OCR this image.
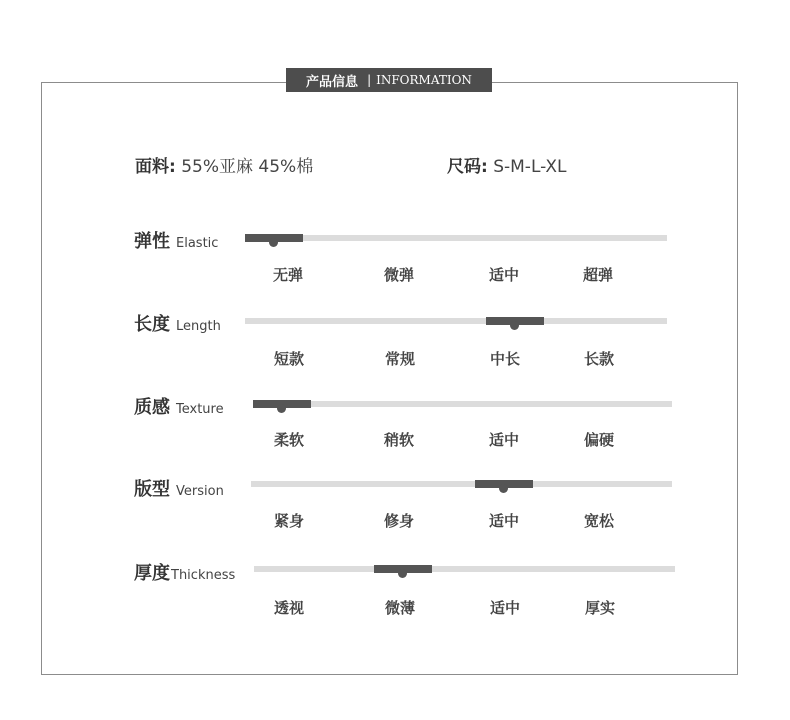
产品信息 | INFORMATION
面料: 55%亚麻 45%棉	尺码: S-M-L-XL
弹性 Elastic
无弹	微弹	适中	超弹
长度 Length
短款	常规	中长	长款
质感 Texture
柔软	稍软	适中	偏硬
版型 Version
紧身	修身	适中	宽松
厚度Thickness
透视	微薄	适中	厚实
